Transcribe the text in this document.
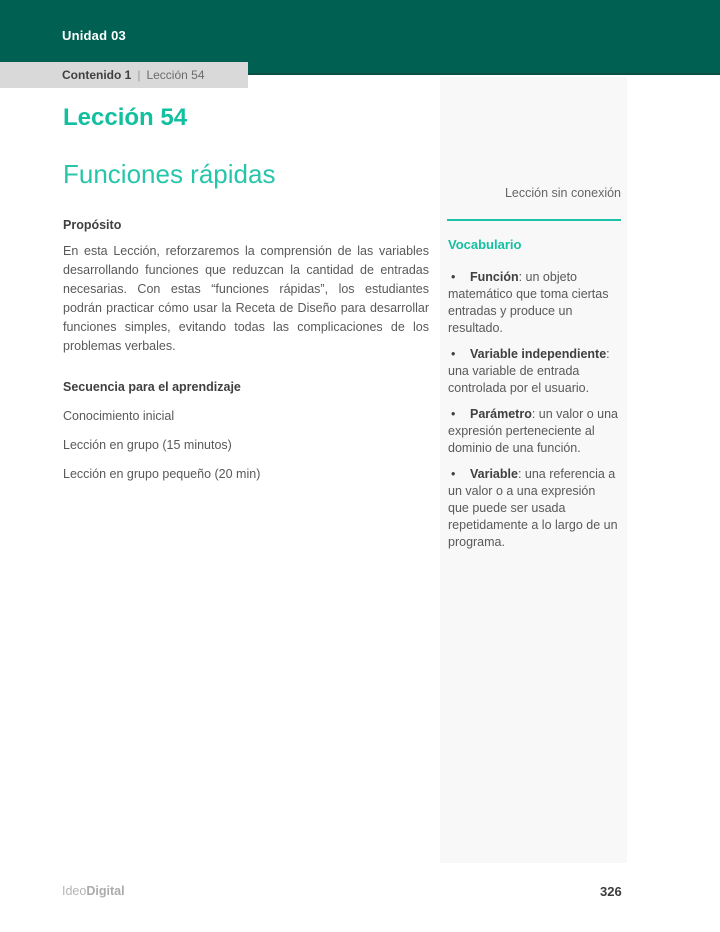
Unidad 03
Contenido 1 | Lección 54
Lección 54
Funciones rápidas
Propósito
En esta Lección, reforzaremos la comprensión de las variables desarrollando funciones que reduzcan la cantidad de entradas necesarias. Con estas “funciones rápidas”, los estudiantes podrán practicar cómo usar la Receta de Diseño para desarrollar funciones simples, evitando todas las complicaciones de los problemas verbales.
Secuencia para el aprendizaje
Conocimiento inicial
Lección en grupo (15 minutos)
Lección en grupo pequeño (20 min)
Lección sin conexión
Vocabulario
• Función: un objeto matemático que toma ciertas entradas y produce un resultado.
• Variable independiente: una variable de entrada controlada por el usuario.
• Parámetro: un valor o una expresión perteneciente al dominio de una función.
• Variable: una referencia a un valor o a una expresión que puede ser usada repetidamente a lo largo de un programa.
IdeoDigital	326
